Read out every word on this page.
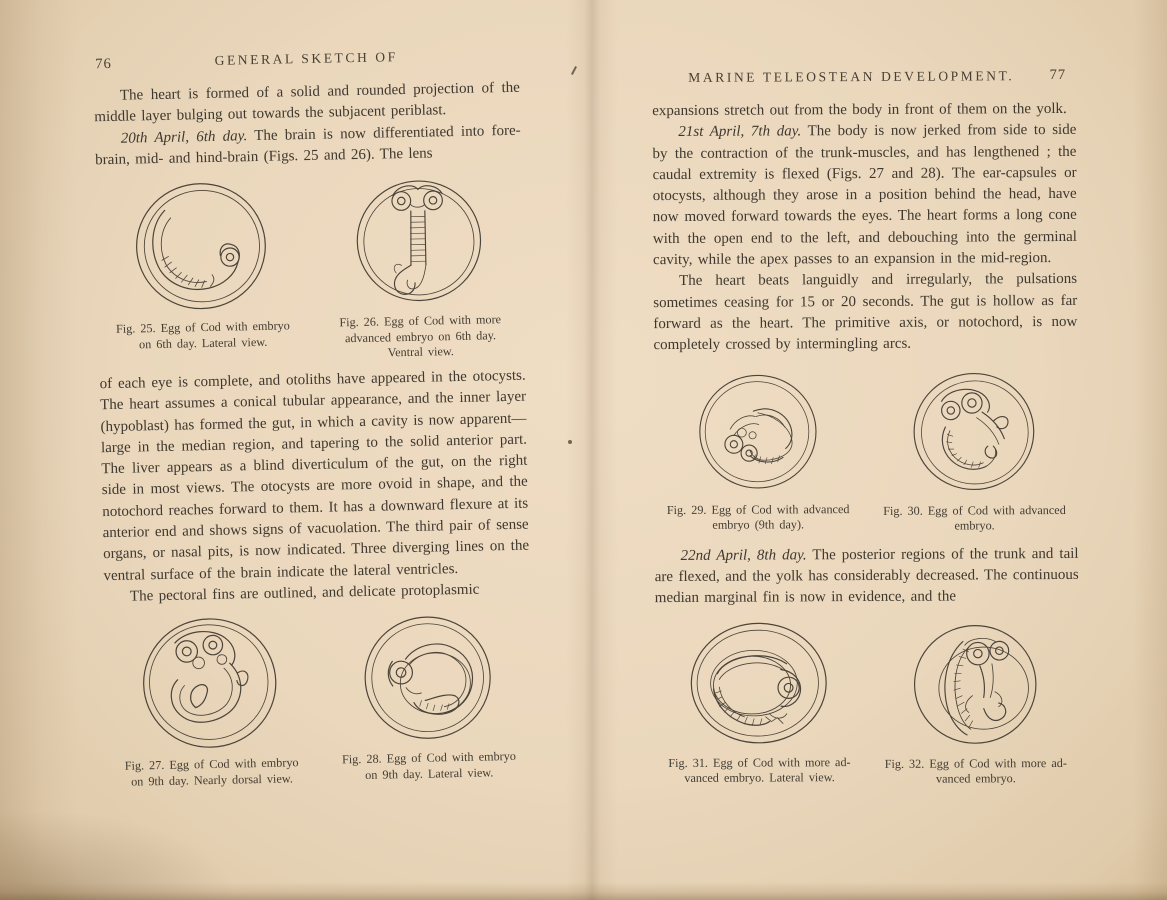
76	GENERAL SKETCH OF

The heart is formed of a solid and rounded projection of the middle layer bulging out towards the subjacent periblast.

20th April, 6th day. The brain is now differentiated into fore-brain, mid- and hind-brain (Figs. 25 and 26). The lens

Fig. 25. Egg of Cod with embryo
on 6th day. Lateral view.
Fig. 26. Egg of Cod with more
advanced embryo on 6th day.
Ventral view.

of each eye is complete, and otoliths have appeared in the otocysts. The heart assumes a conical tubular appearance, and the inner layer (hypoblast) has formed the gut, in which a cavity is now apparent—large in the median region, and tapering to the solid anterior part. The liver appears as a blind diverticulum of the gut, on the right side in most views. The otocysts are more ovoid in shape, and the notochord reaches forward to them. It has a downward flexure at its anterior end and shows signs of vacuolation. The third pair of sense organs, or nasal pits, is now indicated. Three diverging lines on the ventral surface of the brain indicate the lateral ventricles.

The pectoral fins are outlined, and delicate protoplasmic

Fig. 27. Egg of Cod with embryo
on 9th day. Nearly dorsal view.
Fig. 28. Egg of Cod with embryo
on 9th day. Lateral view.
MARINE TELEOSTEAN DEVELOPMENT. 77

expansions stretch out from the body in front of them on the yolk.

21st April, 7th day. The body is now jerked from side to side by the contraction of the trunk-muscles, and has lengthened ; the caudal extremity is flexed (Figs. 27 and 28). The ear-capsules or otocysts, although they arose in a position behind the head, have now moved forward towards the eyes. The heart forms a long cone with the open end to the left, and debouching into the germinal cavity, while the apex passes to an expansion in the mid-region.

The heart beats languidly and irregularly, the pulsations sometimes ceasing for 15 or 20 seconds. The gut is hollow as far forward as the heart. The primitive axis, or notochord, is now completely crossed by intermingling arcs.

Fig. 29. Egg of Cod with advanced
embryo (9th day).
Fig. 30. Egg of Cod with advanced
embryo.

22nd April, 8th day. The posterior regions of the trunk and tail are flexed, and the yolk has considerably decreased. The continuous median marginal fin is now in evidence, and the

Fig. 31. Egg of Cod with more ad-
vanced embryo. Lateral view.
Fig. 32. Egg of Cod with more ad-
vanced embryo.
